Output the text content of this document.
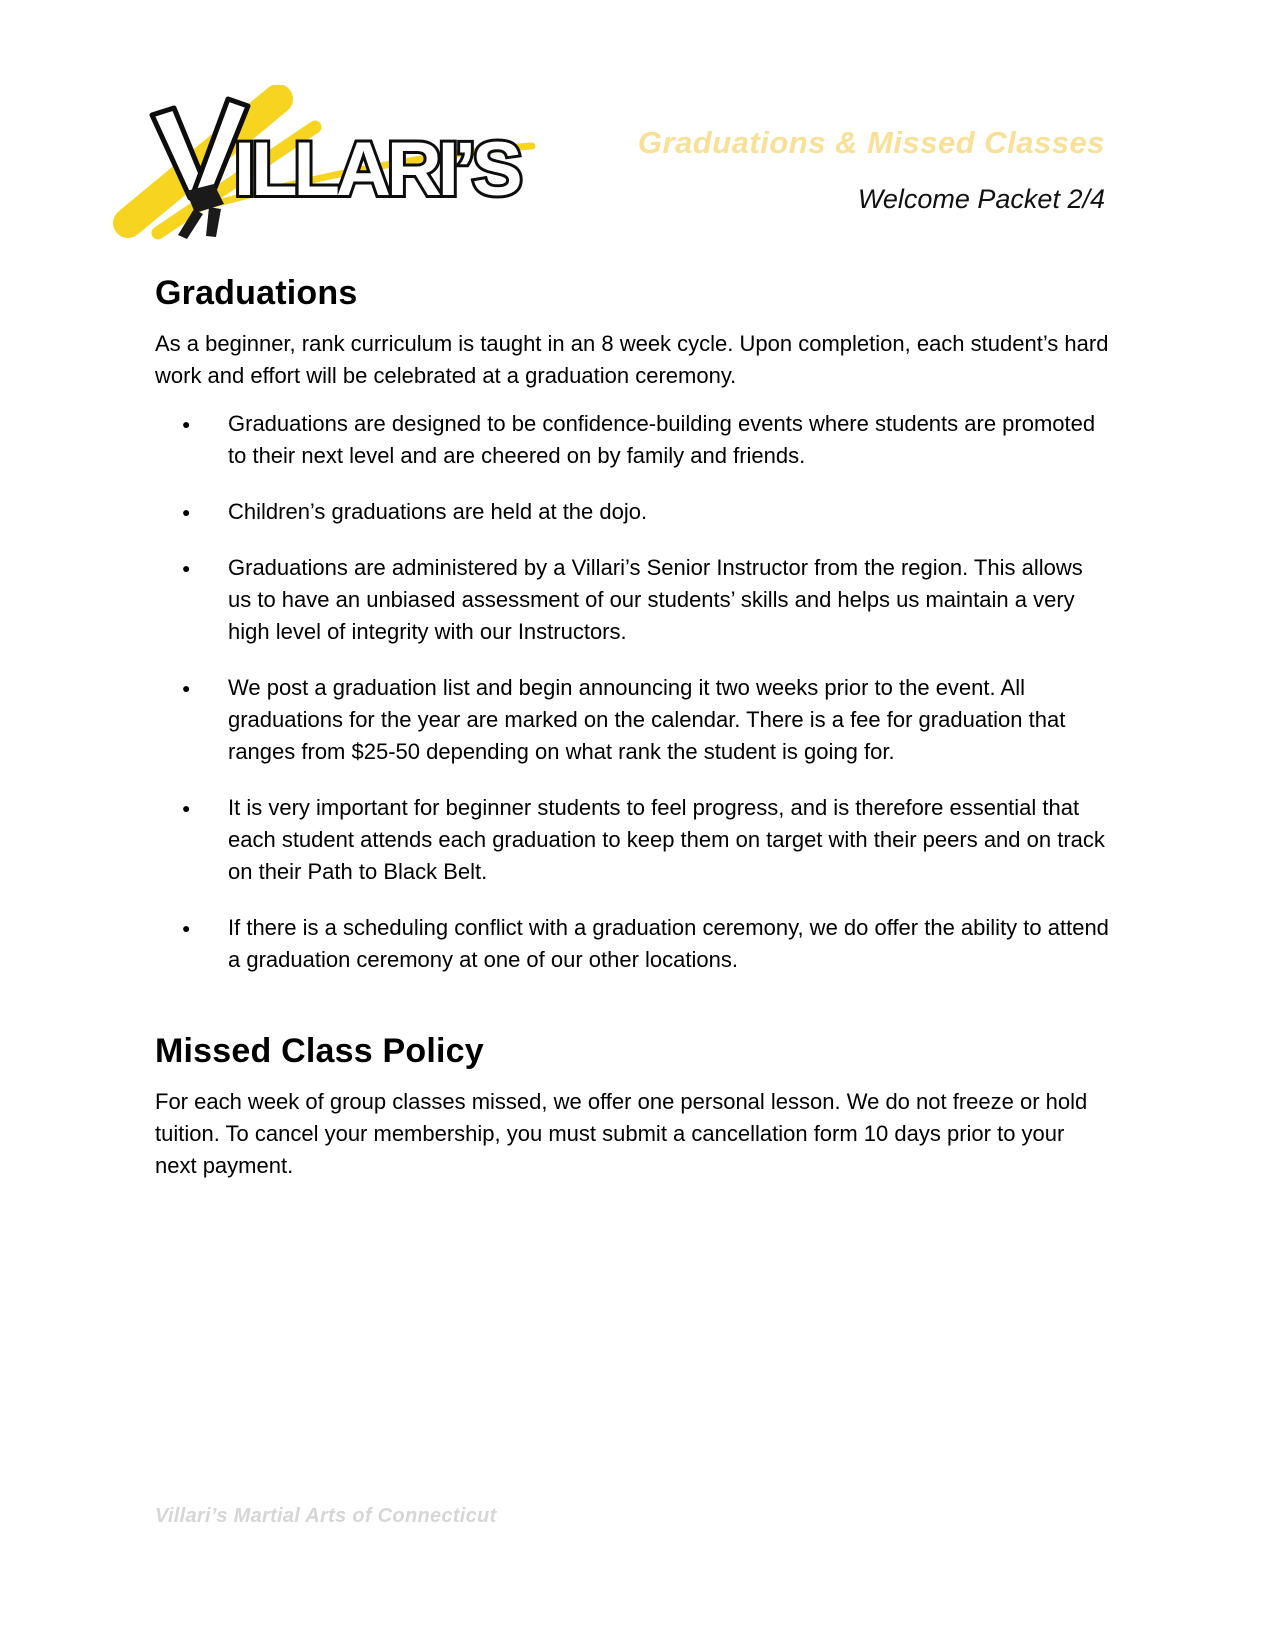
ILLARI’S	Graduations & Missed Classes
Welcome Packet 2/4
Graduations

As a beginner, rank curriculum is taught in an 8 week cycle. Upon completion, each student’s hard work and effort will be celebrated at a graduation ceremony.

●	Graduations are designed to be confidence-building events where students are promoted to their next level and are cheered on by family and friends.
●	Children’s graduations are held at the dojo.
●	Graduations are administered by a Villari’s Senior Instructor from the region. This allows us to have an unbiased assessment of our students’ skills and helps us maintain a very high level of integrity with our Instructors.
●	We post a graduation list and begin announcing it two weeks prior to the event. All graduations for the year are marked on the calendar. There is a fee for graduation that ranges from $25-50 depending on what rank the student is going for.
●	It is very important for beginner students to feel progress, and is therefore essential that each student attends each graduation to keep them on target with their peers and on track on their Path to Black Belt.
●	If there is a scheduling conflict with a graduation ceremony, we do offer the ability to attend a graduation ceremony at one of our other locations.
Missed Class Policy

For each week of group classes missed, we offer one personal lesson. We do not freeze or hold tuition. To cancel your membership, you must submit a cancellation form 10 days prior to your next payment.

Villari’s Martial Arts of Connecticut
